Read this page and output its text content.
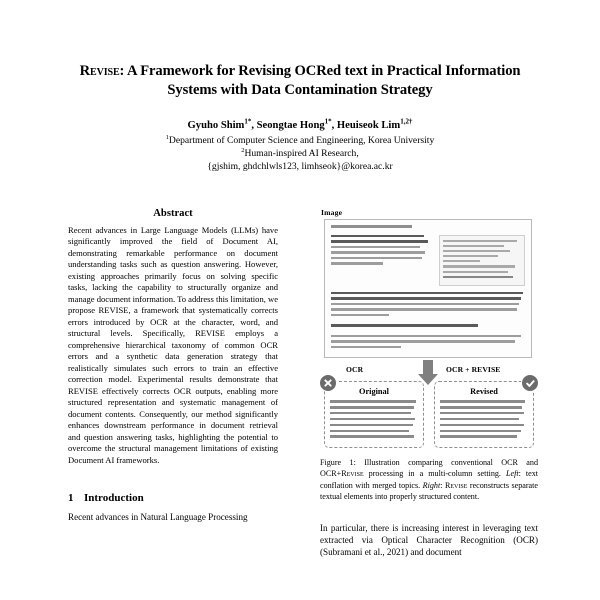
Revise: A Framework for Revising OCRed text in Practical Information
Systems with Data Contamination Strategy
Gyuho Shim$^{1*}$, Seongtae Hong$^{1*}$, Heuiseok Lim$^{1,2\dagger}$
$^1$Department of Computer Science and Engineering, Korea University
$^2$Human-inspired AI Research,
{gjshim, ghdchlwls123, limhseok}@korea.ac.kr
Abstract

Recent advances in Large Language Models (LLMs) have significantly improved the field of Document AI, demonstrating remarkable performance on document understanding tasks such as question answering. However, existing approaches primarily focus on solving specific tasks, lacking the capability to structurally organize and manage document information. To address this limitation, we propose REVISE, a framework that systematically corrects errors introduced by OCR at the character, word, and structural levels. Specifically, REVISE employs a comprehensive hierarchical taxonomy of common OCR errors and a synthetic data generation strategy that realistically simulates such errors to train an effective correction model. Experimental results demonstrate that REVISE effectively corrects OCR outputs, enabling more structured representation and systematic management of document contents. Consequently, our method significantly enhances downstream performance in document retrieval and question answering tasks, highlighting the potential to overcome the structural management limitations of existing Document AI frameworks.

1 Introduction

Recent advances in Natural Language Processing

Image
OCR	OCR + REVISE
Original	Revised

Figure 1: Illustration comparing conventional OCR and OCR+Revise processing in a multi-column setting. Left: text conflation with merged topics. Right: Revise reconstructs separate textual elements into properly structured content.

In particular, there is increasing interest in leveraging text extracted via Optical Character Recognition (OCR) (Subramani et al., 2021) and document
